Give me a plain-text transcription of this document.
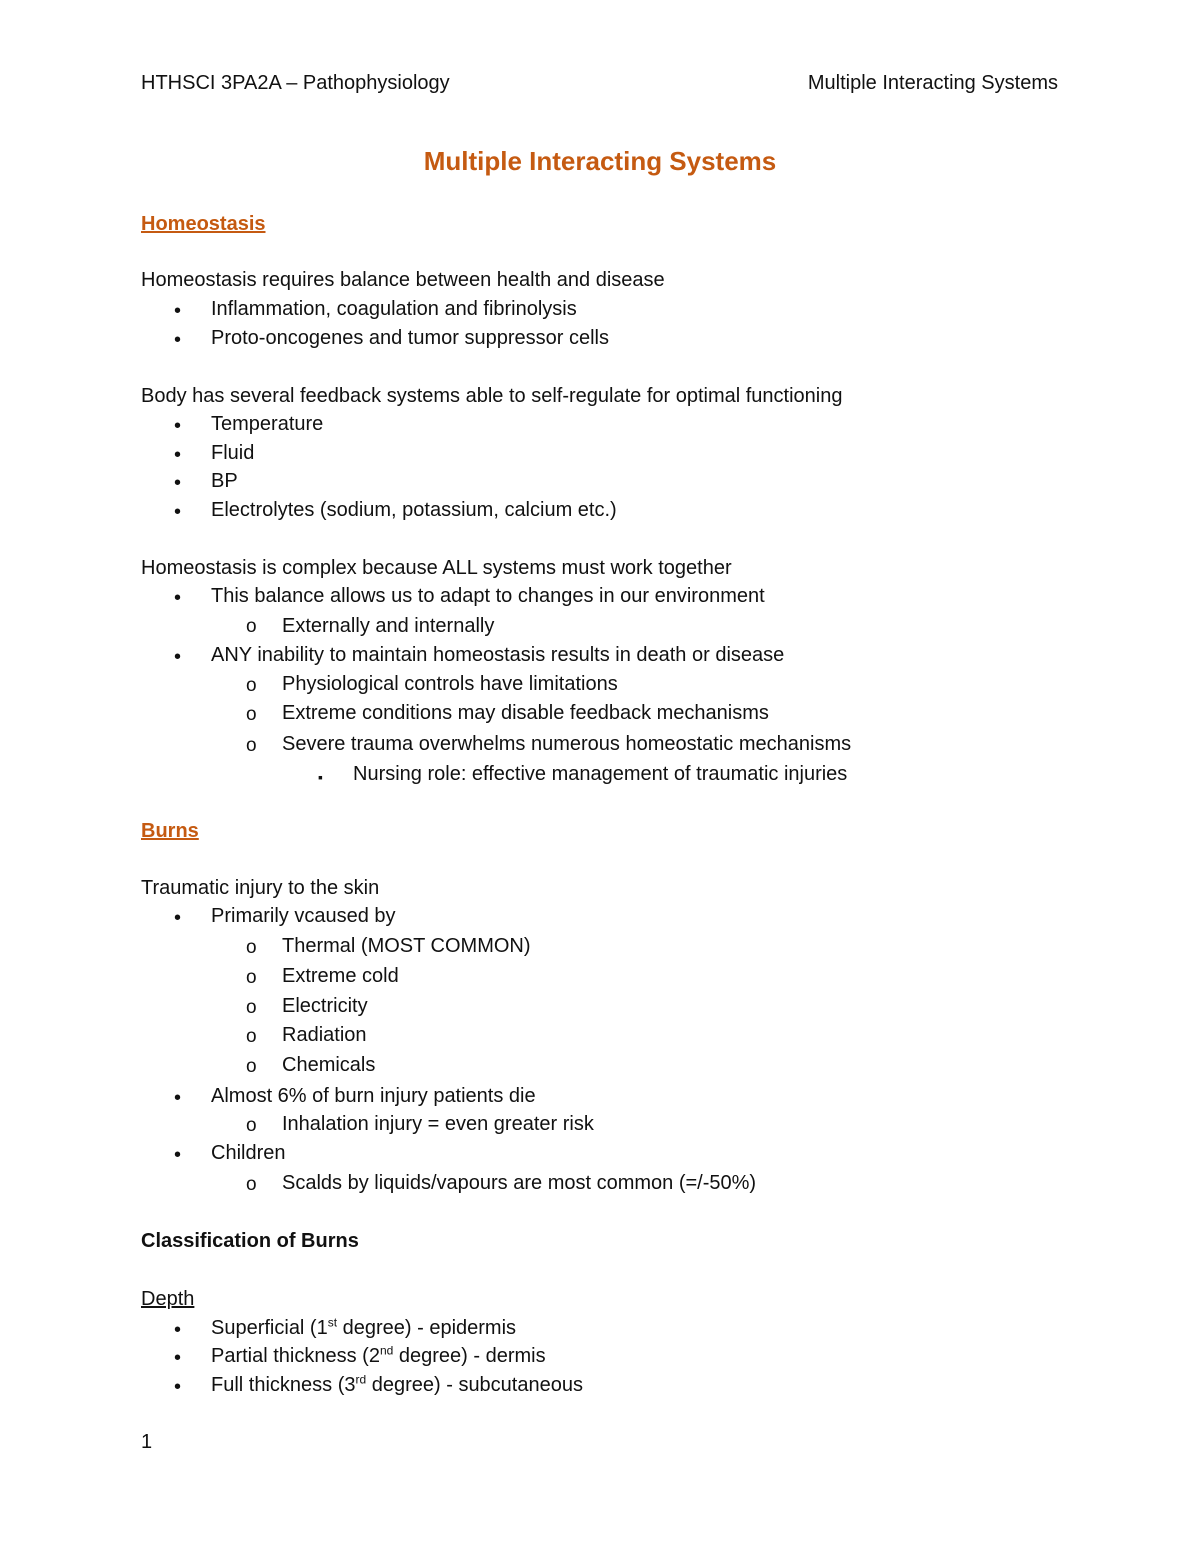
HTHSCI 3PA2A – Pathophysiology	Multiple Interacting Systems
Multiple Interacting Systems
Homeostasis
Homeostasis requires balance between health and disease
• Inflammation, coagulation and fibrinolysis
• Proto-oncogenes and tumor suppressor cells
Body has several feedback systems able to self-regulate for optimal functioning
• Temperature
• Fluid
• BP
• Electrolytes (sodium, potassium, calcium etc.)
Homeostasis is complex because ALL systems must work together
• This balance allows us to adapt to changes in our environment
o Externally and internally
• ANY inability to maintain homeostasis results in death or disease
o Physiological controls have limitations
o Extreme conditions may disable feedback mechanisms
o Severe trauma overwhelms numerous homeostatic mechanisms
▪ Nursing role: effective management of traumatic injuries
Burns
Traumatic injury to the skin
• Primarily vcaused by
o Thermal (MOST COMMON)
o Extreme cold
o Electricity
o Radiation
o Chemicals
• Almost 6% of burn injury patients die
o Inhalation injury = even greater risk
• Children
o Scalds by liquids/vapours are most common (=/-50%)
Classification of Burns
Depth
• Superficial (1st degree) - epidermis
• Partial thickness (2nd degree) - dermis
• Full thickness (3rd degree) - subcutaneous
1
